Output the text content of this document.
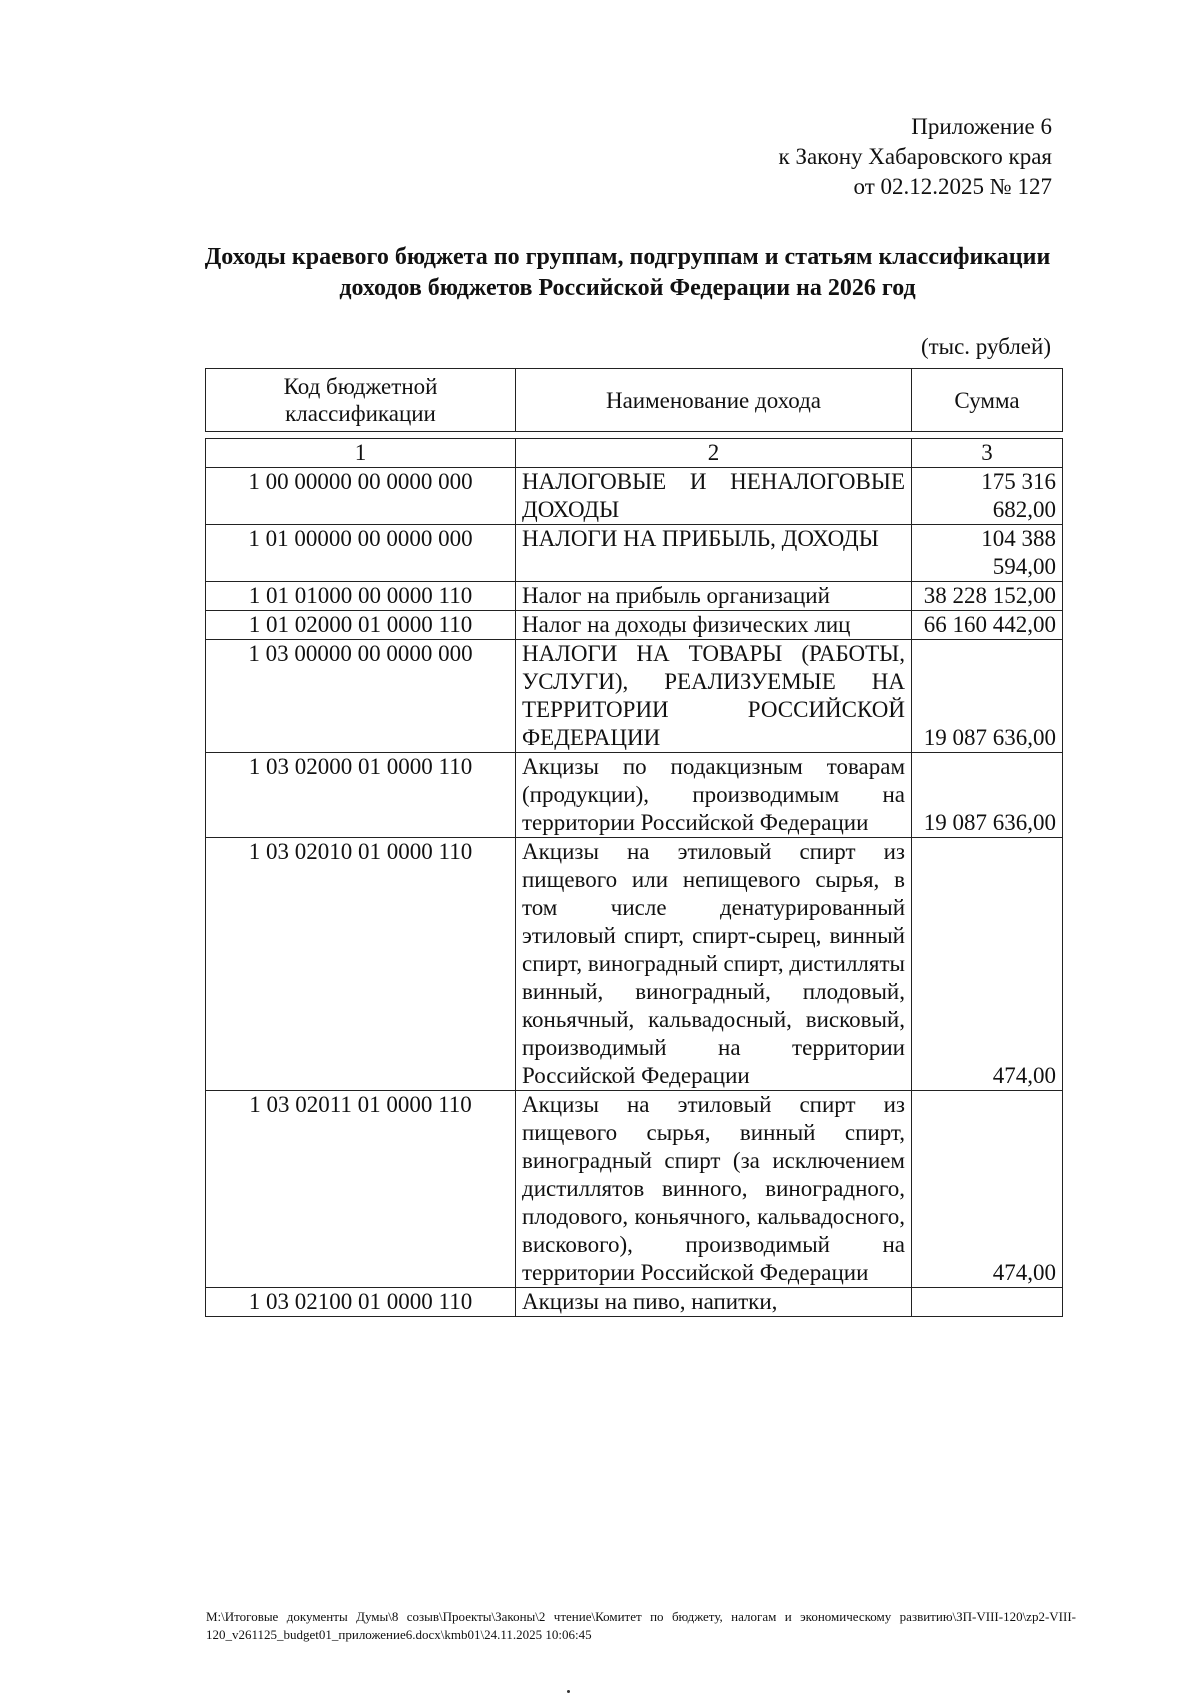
Приложение 6
к Закону Хабаровского края
от 02.12.2025 № 127
Доходы краевого бюджета по группам, подгруппам и статьям классификации
доходов бюджетов Российской Федерации на 2026 год
(тыс. рублей)
Код бюджетной классификации	Наименование дохода	Сумма

1	2	3
1 00 00000 00 0000 000	НАЛОГОВЫЕ И НЕНАЛОГОВЫЕ ДОХОДЫ	175 316 682,00
1 01 00000 00 0000 000	НАЛОГИ НА ПРИБЫЛЬ, ДОХОДЫ	104 388 594,00
1 01 01000 00 0000 110	Налог на прибыль организаций	38 228 152,00
1 01 02000 01 0000 110	Налог на доходы физических лиц	66 160 442,00
1 03 00000 00 0000 000	НАЛОГИ НА ТОВАРЫ (РАБОТЫ, УСЛУГИ), РЕАЛИЗУЕМЫЕ НА ТЕРРИТОРИИ РОССИЙСКОЙ ФЕДЕРАЦИИ	19 087 636,00
1 03 02000 01 0000 110	Акцизы по подакцизным товарам (продукции), производимым на территории Российской Федерации	19 087 636,00
1 03 02010 01 0000 110	Акцизы на этиловый спирт из пищевого или непищевого сырья, в том числе денатурированный этиловый спирт, спирт-сырец, винный спирт, виноградный спирт, дистилляты винный, виноградный, плодовый, коньячный, кальвадосный, висковый, производимый на территории Российской Федерации	474,00
1 03 02011 01 0000 110	Акцизы на этиловый спирт из пищевого сырья, винный спирт, виноградный спирт (за исключением дистиллятов винного, виноградного, плодового, коньячного, кальвадосного, вискового), производимый на территории Российской Федерации	474,00
1 03 02100 01 0000 110	Акцизы на пиво, напитки,	
M:\Итоговые документы Думы\8 созыв\Проекты\Законы\2 чтение\Комитет по бюджету, налогам и экономическому развитию\ЗП-VIII-120\zp2-VIII-120_v261125_budget01_приложение6.docx\kmb01\24.11.2025 10:06:45
